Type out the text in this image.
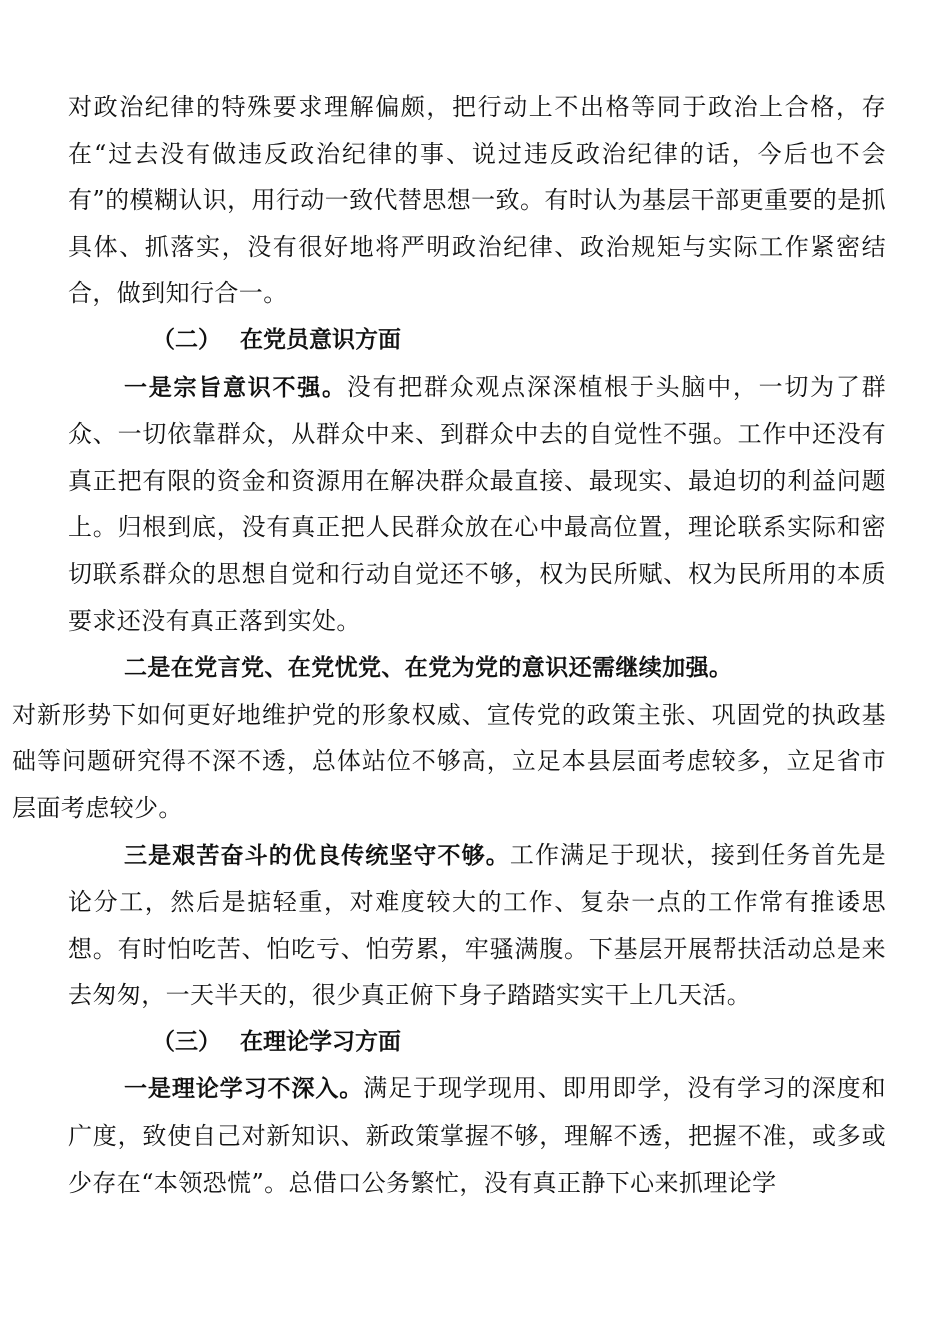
对政治纪律的特殊要求理解偏颇，把行动上不出格等同于政治上合格，存在“过去没有做违反政治纪律的事、说过违反政治纪律的话，今后也不会有”的模糊认识，用行动一致代替思想一致。有时认为基层干部更重要的是抓具体、抓落实，没有很好地将严明政治纪律、政治规矩与实际工作紧密结合，做到知行合一。

（二） 在党员意识方面

一是宗旨意识不强。没有把群众观点深深植根于头脑中，一切为了群众、一切依靠群众，从群众中来、到群众中去的自觉性不强。工作中还没有真正把有限的资金和资源用在解决群众最直接、最现实、最迫切的利益问题上。归根到底，没有真正把人民群众放在心中最高位置，理论联系实际和密切联系群众的思想自觉和行动自觉还不够，权为民所赋、权为民所用的本质要求还没有真正落到实处。

二是在党言党、在党忧党、在党为党的意识还需继续加强。
对新形势下如何更好地维护党的形象权威、宣传党的政策主张、巩固党的执政基础等问题研究得不深不透，总体站位不够高，立足本县层面考虑较多，立足省市层面考虑较少。

三是艰苦奋斗的优良传统坚守不够。工作满足于现状，接到任务首先是论分工，然后是掂轻重，对难度较大的工作、复杂一点的工作常有推诿思想。有时怕吃苦、怕吃亏、怕劳累，牢骚满腹。下基层开展帮扶活动总是来去匆匆，一天半天的，很少真正俯下身子踏踏实实干上几天活。

（三） 在理论学习方面

一是理论学习不深入。满足于现学现用、即用即学，没有学习的深度和广度，致使自己对新知识、新政策掌握不够，理解不透，把握不准，或多或少存在“本领恐慌”。总借口公务繁忙，没有真正静下心来抓理论学
